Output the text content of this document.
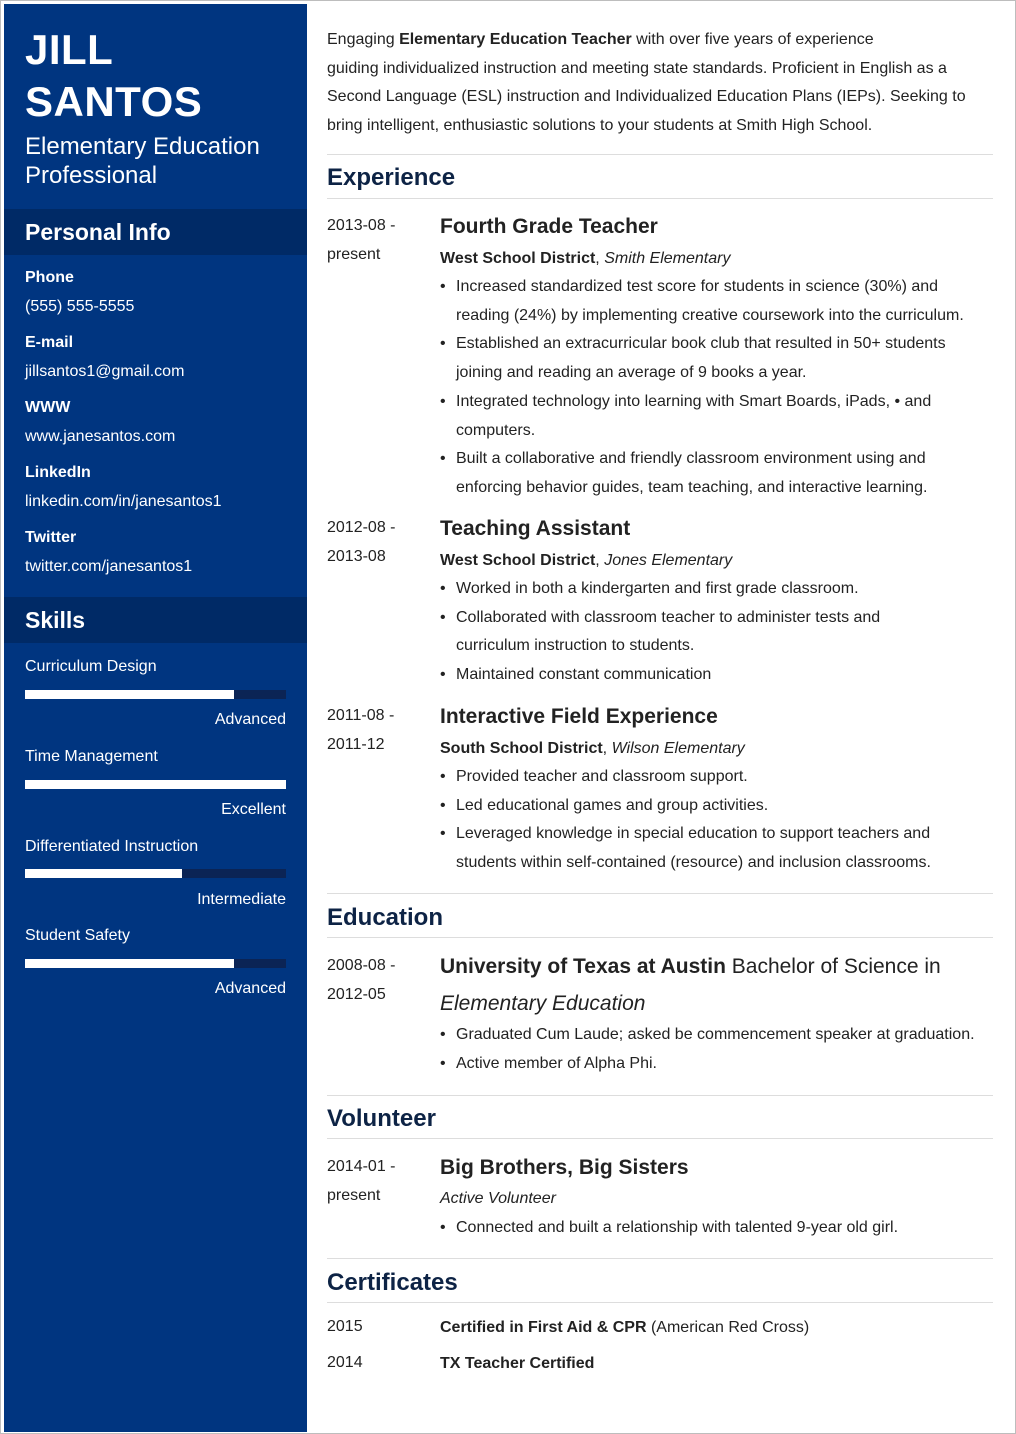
JILL
SANTOS
Elementary Education
Professional
Personal Info
Phone
(555) 555-5555
E-mail
jillsantos1@gmail.com
WWW
www.janesantos.com
LinkedIn
linkedin.com/in/janesantos1
Twitter
twitter.com/janesantos1
Skills
Curriculum Design
Advanced
Time Management
Excellent
Differentiated Instruction
Intermediate
Student Safety
Advanced
Engaging Elementary Education Teacher with over five years of experience
guiding individualized instruction and meeting state standards. Proficient in English as a
Second Language (ESL) instruction and Individualized Education Plans (IEPs). Seeking to
bring intelligent, enthusiastic solutions to your students at Smith High School.
Experience
2013-08 -
present
Fourth Grade Teacher
West School District, Smith Elementary
• Increased standardized test score for students in science (30%) and
reading (24%) by implementing creative coursework into the curriculum.
• Established an extracurricular book club that resulted in 50+ students
joining and reading an average of 9 books a year.
• Integrated technology into learning with Smart Boards, iPads, • and
computers.
• Built a collaborative and friendly classroom environment using and
enforcing behavior guides, team teaching, and interactive learning.
2012-08 -
2013-08
Teaching Assistant
West School District, Jones Elementary
• Worked in both a kindergarten and first grade classroom.
• Collaborated with classroom teacher to administer tests and
curriculum instruction to students.
• Maintained constant communication
2011-08 -
2011-12
Interactive Field Experience
South School District, Wilson Elementary
• Provided teacher and classroom support.
• Led educational games and group activities.
• Leveraged knowledge in special education to support teachers and
students within self-contained (resource) and inclusion classrooms.
Education
2008-08 -
2012-05
University of Texas at Austin Bachelor of Science in
Elementary Education
• Graduated Cum Laude; asked be commencement speaker at graduation.
• Active member of Alpha Phi.
Volunteer
2014-01 -
present
Big Brothers, Big Sisters
Active Volunteer
• Connected and built a relationship with talented 9-year old girl.
Certificates
2015	Certified in First Aid & CPR (American Red Cross)
2014	TX Teacher Certified
